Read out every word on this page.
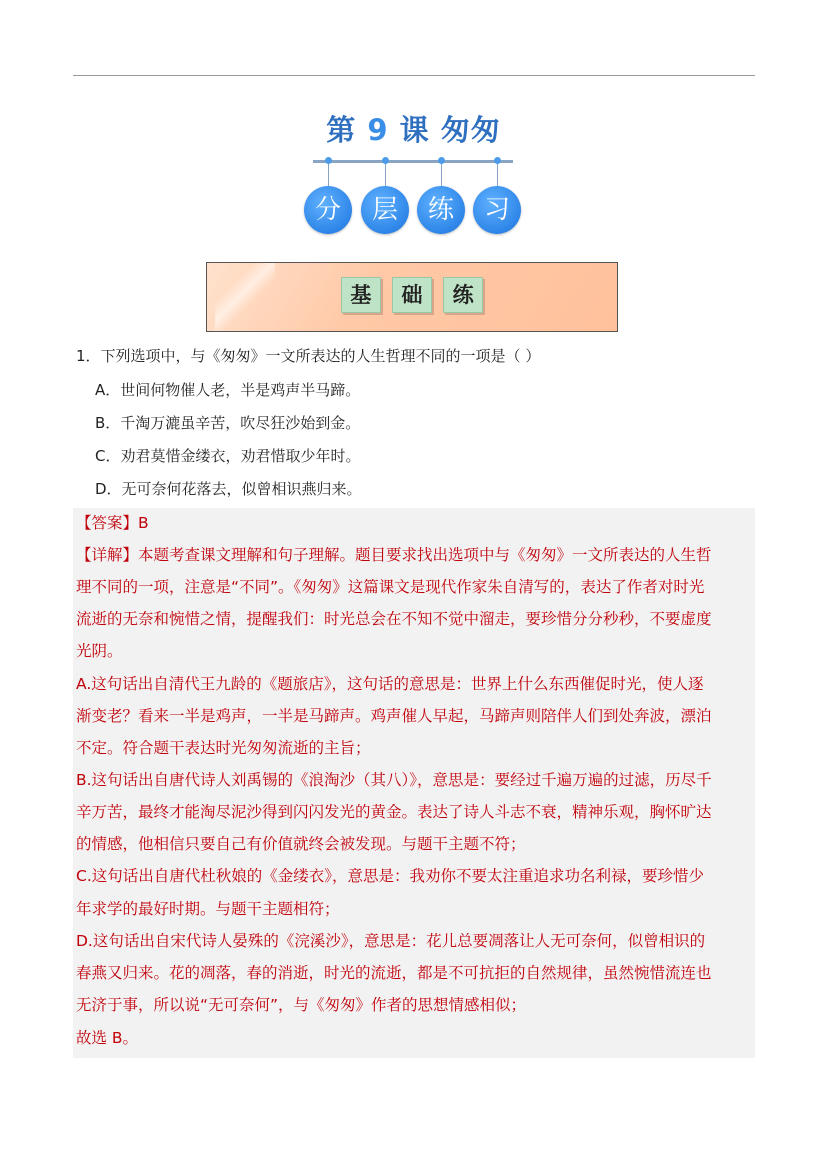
第 9 课 匆匆
分	层	练	习
基 础 练
1．下列选项中，与《匆匆》一文所表达的人生哲理不同的一项是（ ）
A．世间何物催人老，半是鸡声半马蹄。
B．千淘万漉虽辛苦，吹尽狂沙始到金。
C．劝君莫惜金缕衣，劝君惜取少年时。
D．无可奈何花落去，似曾相识燕归来。
【答案】B
【详解】本题考查课文理解和句子理解。题目要求找出选项中与《匆匆》一文所表达的人生哲
理不同的一项，注意是“不同”。《匆匆》这篇课文是现代作家朱自清写的，表达了作者对时光
流逝的无奈和惋惜之情，提醒我们：时光总会在不知不觉中溜走，要珍惜分分秒秒，不要虚度
光阴。
A.这句话出自清代王九龄的《题旅店》，这句话的意思是：世界上什么东西催促时光，使人逐
渐变老？看来一半是鸡声，一半是马蹄声。鸡声催人早起，马蹄声则陪伴人们到处奔波，漂泊
不定。符合题干表达时光匆匆流逝的主旨；
B.这句话出自唐代诗人刘禹锡的《浪淘沙（其八）》，意思是：要经过千遍万遍的过滤，历尽千
辛万苦，最终才能淘尽泥沙得到闪闪发光的黄金。表达了诗人斗志不衰，精神乐观，胸怀旷达
的情感，他相信只要自己有价值就终会被发现。与题干主题不符；
C.这句话出自唐代杜秋娘的《金缕衣》，意思是：我劝你不要太注重追求功名利禄，要珍惜少
年求学的最好时期。与题干主题相符；
D.这句话出自宋代诗人晏殊的《浣溪沙》，意思是：花儿总要凋落让人无可奈何，似曾相识的
春燕又归来。花的凋落，春的消逝，时光的流逝，都是不可抗拒的自然规律，虽然惋惜流连也
无济于事，所以说“无可奈何”，与《匆匆》作者的思想情感相似；
故选 B。
